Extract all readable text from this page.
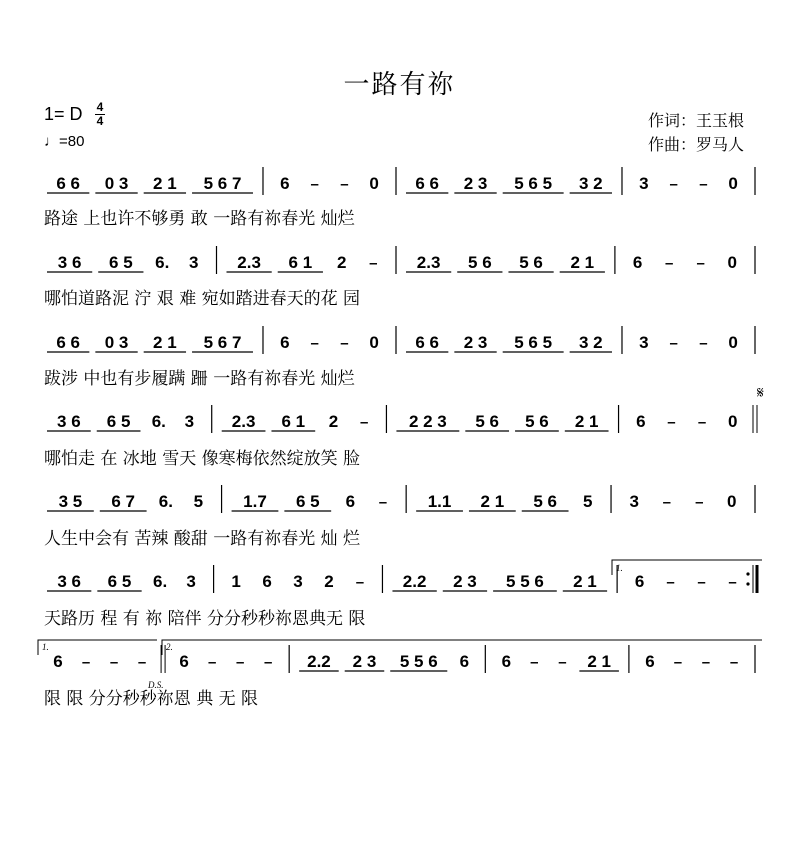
一路有祢
1= D 4
4
♩=80
作词：王玉根
作曲：罗马人
6 6 0 3 2 1 5 6 7 6 – – 0 6 6 2 3 5 6 5 3 2 3 – – 0
路途 上也许不够勇 敢 一路有祢春光 灿烂
3 6 6 5 6. 3 2.3 6 1 2 – 2.3 5 6 5 6 2 1 6 – – 0
哪怕道路泥 泞 艰 难 宛如踏进春天的花 园
6 6 0 3 2 1 5 6 7 6 – – 0 6 6 2 3 5 6 5 3 2 3 – – 0
跋涉 中也有步履蹒 跚 一路有祢春光 灿烂
3 6 6 5 6. 3 2.3 6 1 2 – 2 2 3 5 6 5 6 2 1 6 – – 0
哪怕走 在 冰地 雪天 像寒梅依然绽放笑 脸
3 5 6 7 6. 5 1.7 6 5 6 – 1.1 2 1 5 6 5 3 – – 0
人生中会有 苦辣 酸甜 一路有祢春光 灿 烂
3 6 6 5 6. 3 1 6 3 2 – 2.2 2 3 5 5 6 2 1 6 – – –
天路历 程 有 祢 陪伴 分分秒秒祢恩典无 限
6 – – – 6 – – – 2.2 2 3 5 5 6 6 6 – – 2 1 6 – – –
限 限 分分秒秒祢恩 典 无 限
𝄋
D.S.
1.
1.	2.
